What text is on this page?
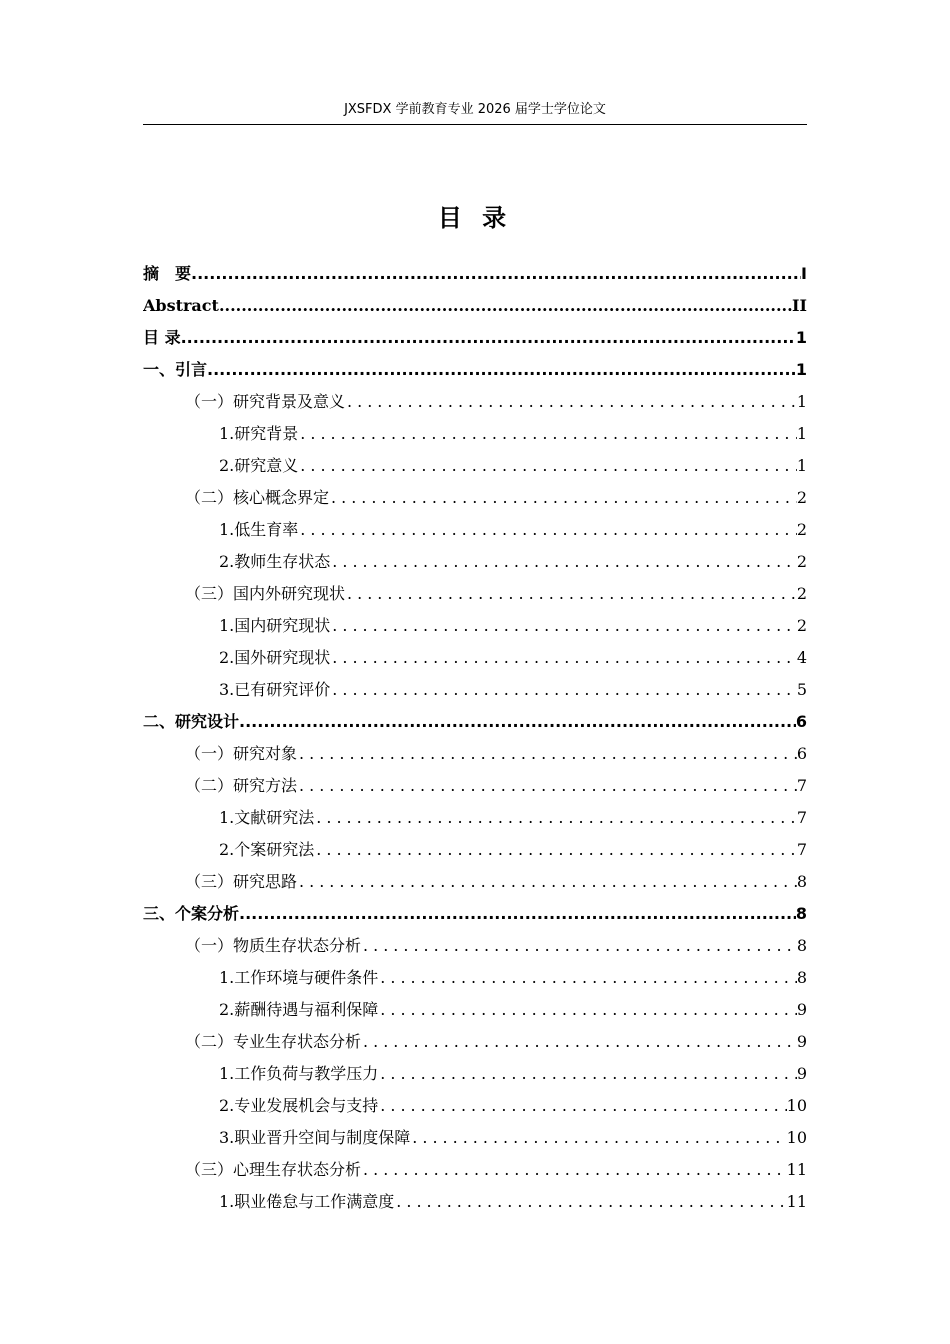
JXSFDX 学前教育专业 2026 届学士学位论文
目 录
摘　要 .....	I
Abstract .....	II
目 录 .....	1
一、引言 .....	1
（一）研究背景及意义 .....	1
1.研究背景 .....	1
2.研究意义 .....	1
（二）核心概念界定 .....	2
1.低生育率 .....	2
2.教师生存状态 .....	2
（三）国内外研究现状 .....	2
1.国内研究现状 .....	2
2.国外研究现状 .....	4
3.已有研究评价 .....	5
二、研究设计 .....	6
（一）研究对象 .....	6
（二）研究方法 .....	7
1.文献研究法 .....	7
2.个案研究法 .....	7
（三）研究思路 .....	8
三、个案分析 .....	8
（一）物质生存状态分析 .....	8
1.工作环境与硬件条件 .....	8
2.薪酬待遇与福利保障 .....	9
（二）专业生存状态分析 .....	9
1.工作负荷与教学压力 .....	9
2.专业发展机会与支持 .....	10
3.职业晋升空间与制度保障 .....	10
（三）心理生存状态分析 .....	11
1.职业倦怠与工作满意度 .....	11
